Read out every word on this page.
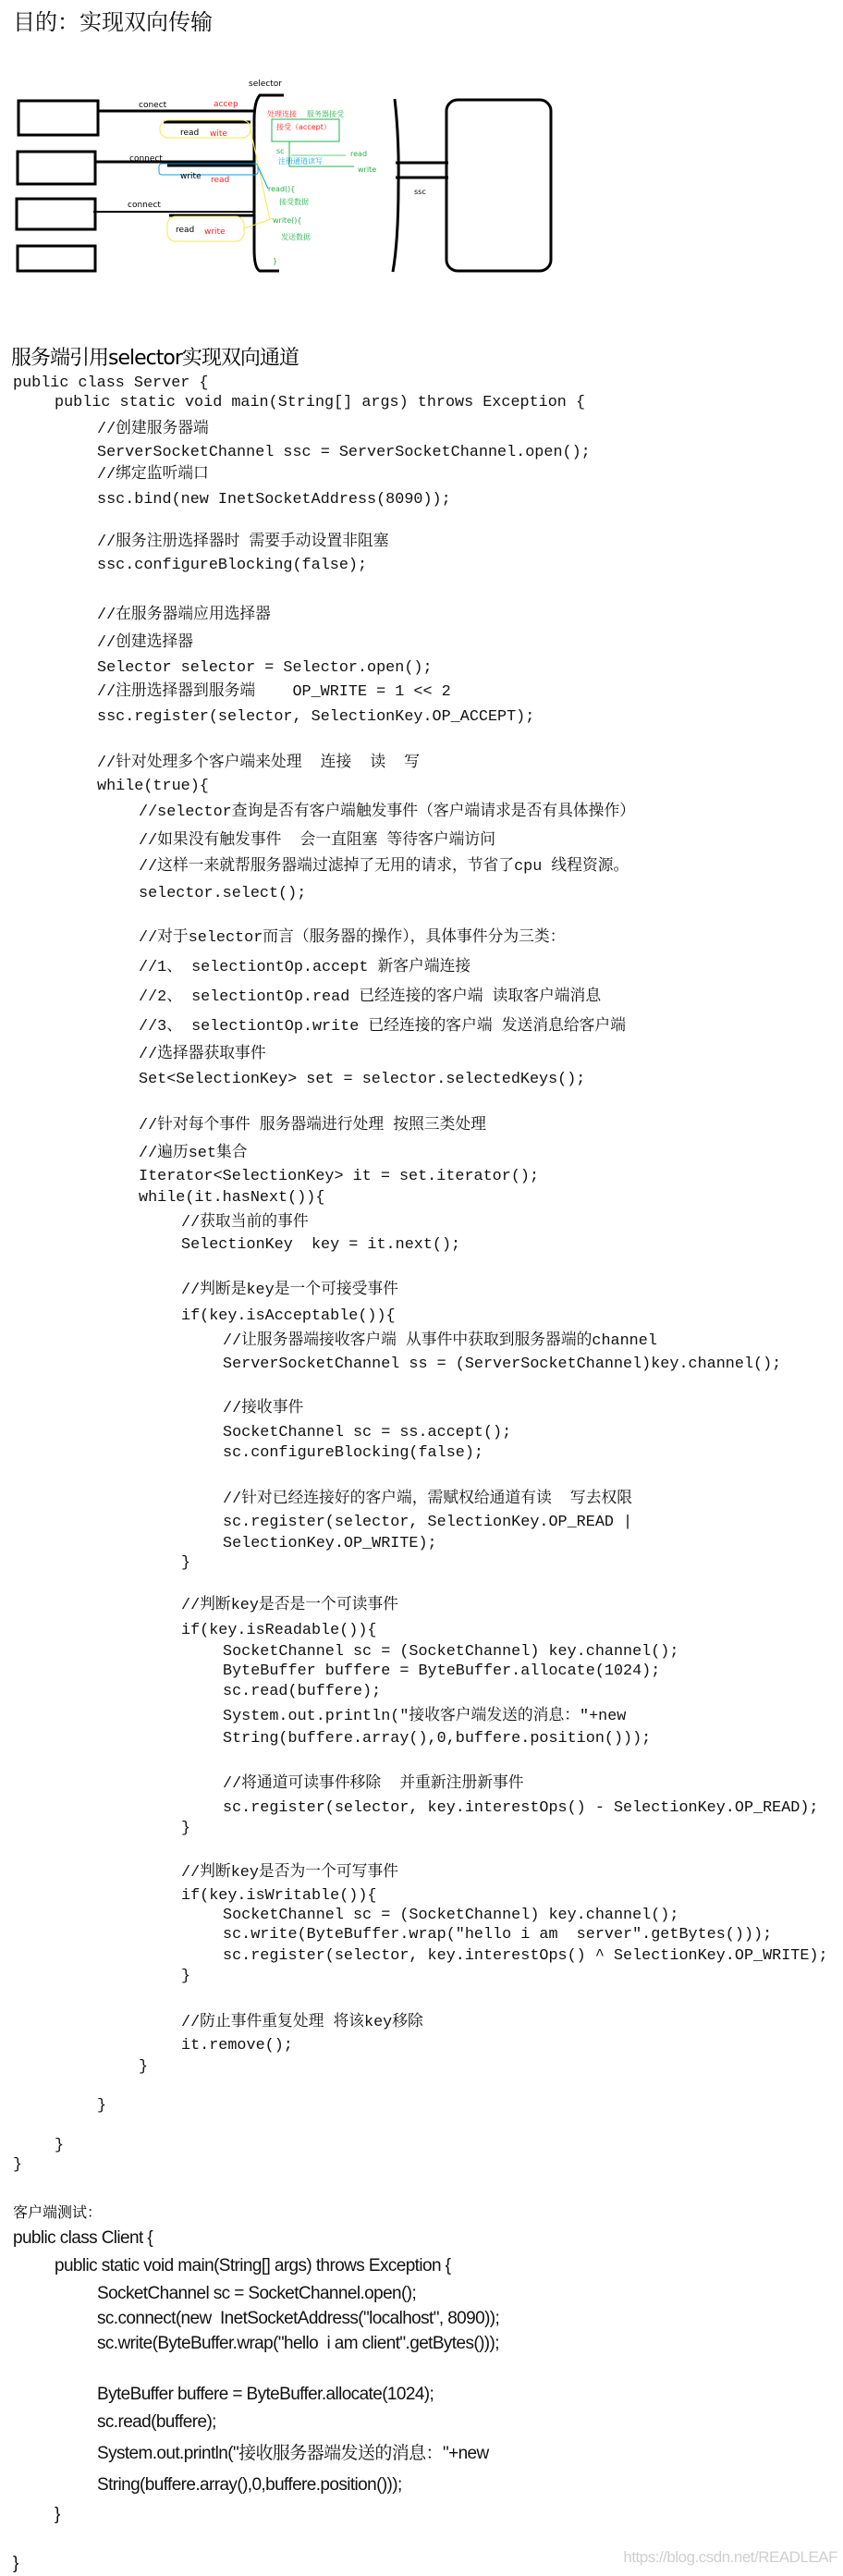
目的：实现双向传输
selector
conect	accep
read wite
connect
write read
connect
read write
ssc
处理连接 服务器接受
接受（accept）
sc	read
注册通道读写
write
read(){
接受数据
write(){
发送数据
}
服务端引用selector实现双向通道
public class Server {
public static void main(String[] args) throws Exception {
//创建服务器端
ServerSocketChannel ssc = ServerSocketChannel.open();
//绑定监听端口
ssc.bind(new InetSocketAddress(8090));
//服务注册选择器时 需要手动设置非阻塞
ssc.configureBlocking(false);
//在服务器端应用选择器
//创建选择器
Selector selector = Selector.open();
//注册选择器到服务端    OP_WRITE = 1 << 2
ssc.register(selector, SelectionKey.OP_ACCEPT);
//针对处理多个客户端来处理  连接  读  写
while(true){
//selector查询是否有客户端触发事件（客户端请求是否有具体操作）
//如果没有触发事件  会一直阻塞 等待客户端访问
//这样一来就帮服务器端过滤掉了无用的请求，节省了cpu 线程资源。
selector.select();
//对于selector而言（服务器的操作），具体事件分为三类：
//1、 selectiontOp.accept 新客户端连接
//2、 selectiontOp.read 已经连接的客户端 读取客户端消息
//3、 selectiontOp.write 已经连接的客户端 发送消息给客户端
//选择器获取事件
Set<SelectionKey> set = selector.selectedKeys();
//针对每个事件 服务器端进行处理 按照三类处理
//遍历set集合
Iterator<SelectionKey> it = set.iterator();
while(it.hasNext()){
//获取当前的事件
SelectionKey  key = it.next();
//判断是key是一个可接受事件
if(key.isAcceptable()){
//让服务器端接收客户端 从事件中获取到服务器端的channel
ServerSocketChannel ss = (ServerSocketChannel)key.channel();
//接收事件
SocketChannel sc = ss.accept();
sc.configureBlocking(false);
//针对已经连接好的客户端，需赋权给通道有读  写去权限
sc.register(selector, SelectionKey.OP_READ |
SelectionKey.OP_WRITE);
}
//判断key是否是一个可读事件
if(key.isReadable()){
SocketChannel sc = (SocketChannel) key.channel();
ByteBuffer buffere = ByteBuffer.allocate(1024);
sc.read(buffere);
System.out.println("接收客户端发送的消息："+new
String(buffere.array(),0,buffere.position()));
//将通道可读事件移除  并重新注册新事件
sc.register(selector, key.interestOps() - SelectionKey.OP_READ);
}
//判断key是否为一个可写事件
if(key.isWritable()){
SocketChannel sc = (SocketChannel) key.channel();
sc.write(ByteBuffer.wrap("hello i am  server".getBytes()));
sc.register(selector, key.interestOps() ^ SelectionKey.OP_WRITE);
}
//防止事件重复处理 将该key移除
it.remove();
}
}
}
}
客户端测试：
public class Client {
public static void main(String[] args) throws Exception {
SocketChannel sc = SocketChannel.open();
sc.connect(new  InetSocketAddress("localhost", 8090));
sc.write(ByteBuffer.wrap("hello  i am client".getBytes()));
ByteBuffer buffere = ByteBuffer.allocate(1024);
sc.read(buffere);
System.out.println("接收服务器端发送的消息："+new
String(buffere.array(),0,buffere.position()));
}
}	https://blog.csdn.net/READLEAF
